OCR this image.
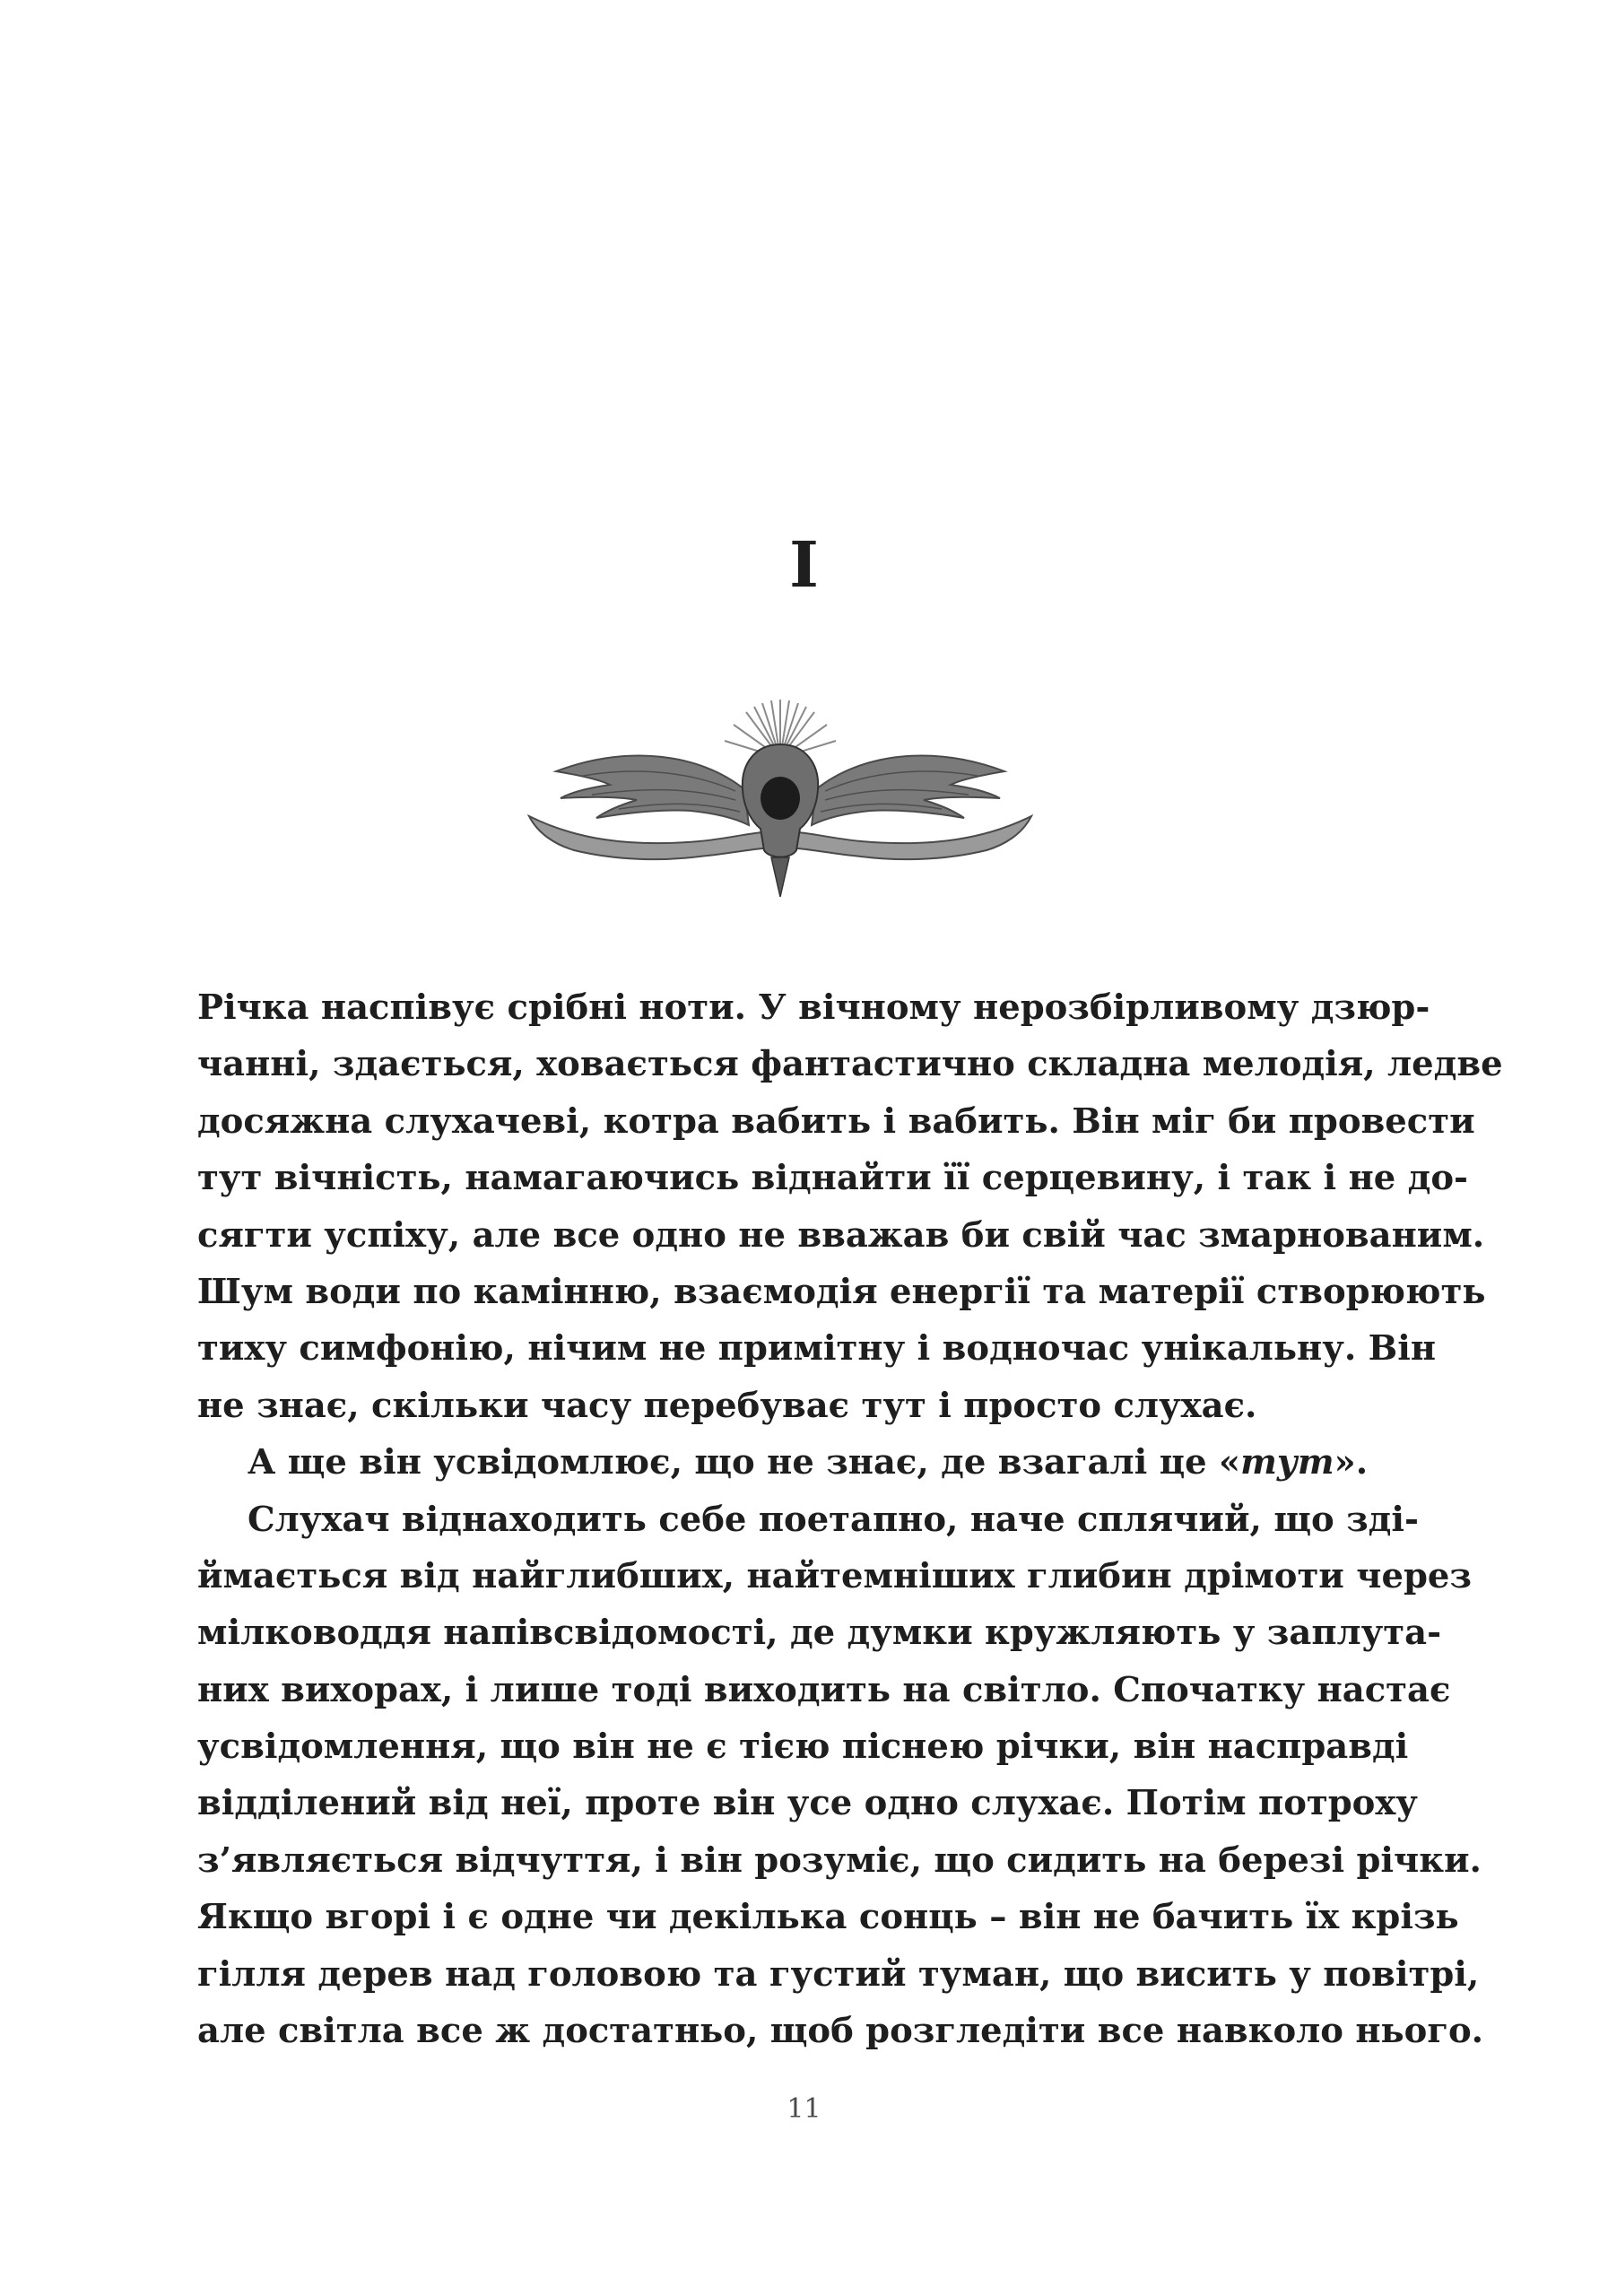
I
Річка наспівує срібні ноти. У вічному нерозбірливому дзюр-
чанні, здається, ховається фантастично складна мелодія, ледве
досяжна слухачеві, котра вабить і вабить. Він міг би провести
тут вічність, намагаючись віднайти її серцевину, і так і не до-
сягти успіху, але все одно не вважав би свій час змарнованим.
Шум води по камінню, взаємодія енергії та матерії створюють
тиху симфонію, нічим не примітну і водночас унікальну. Він
не знає, скільки часу перебуває тут і просто слухає.
А ще він усвідомлює, що не знає, де взагалі це «тут».
Слухач віднаходить себе поетапно, наче сплячий, що зді-
ймається від найглибших, найтемніших глибин дрімоти через
мілководдя напівсвідомості, де думки кружляють у заплута-
них вихорах, і лише тоді виходить на світло. Спочатку настає
усвідомлення, що він не є тією піснею річки, він насправді
відділений від неї, проте він усе одно слухає. Потім потроху
з’являється відчуття, і він розуміє, що сидить на березі річки.
Якщо вгорі і є одне чи декілька сонць – він не бачить їх крізь
гілля дерев над головою та густий туман, що висить у повітрі,
але світла все ж достатньо, щоб розгледіти все навколо нього.
11
